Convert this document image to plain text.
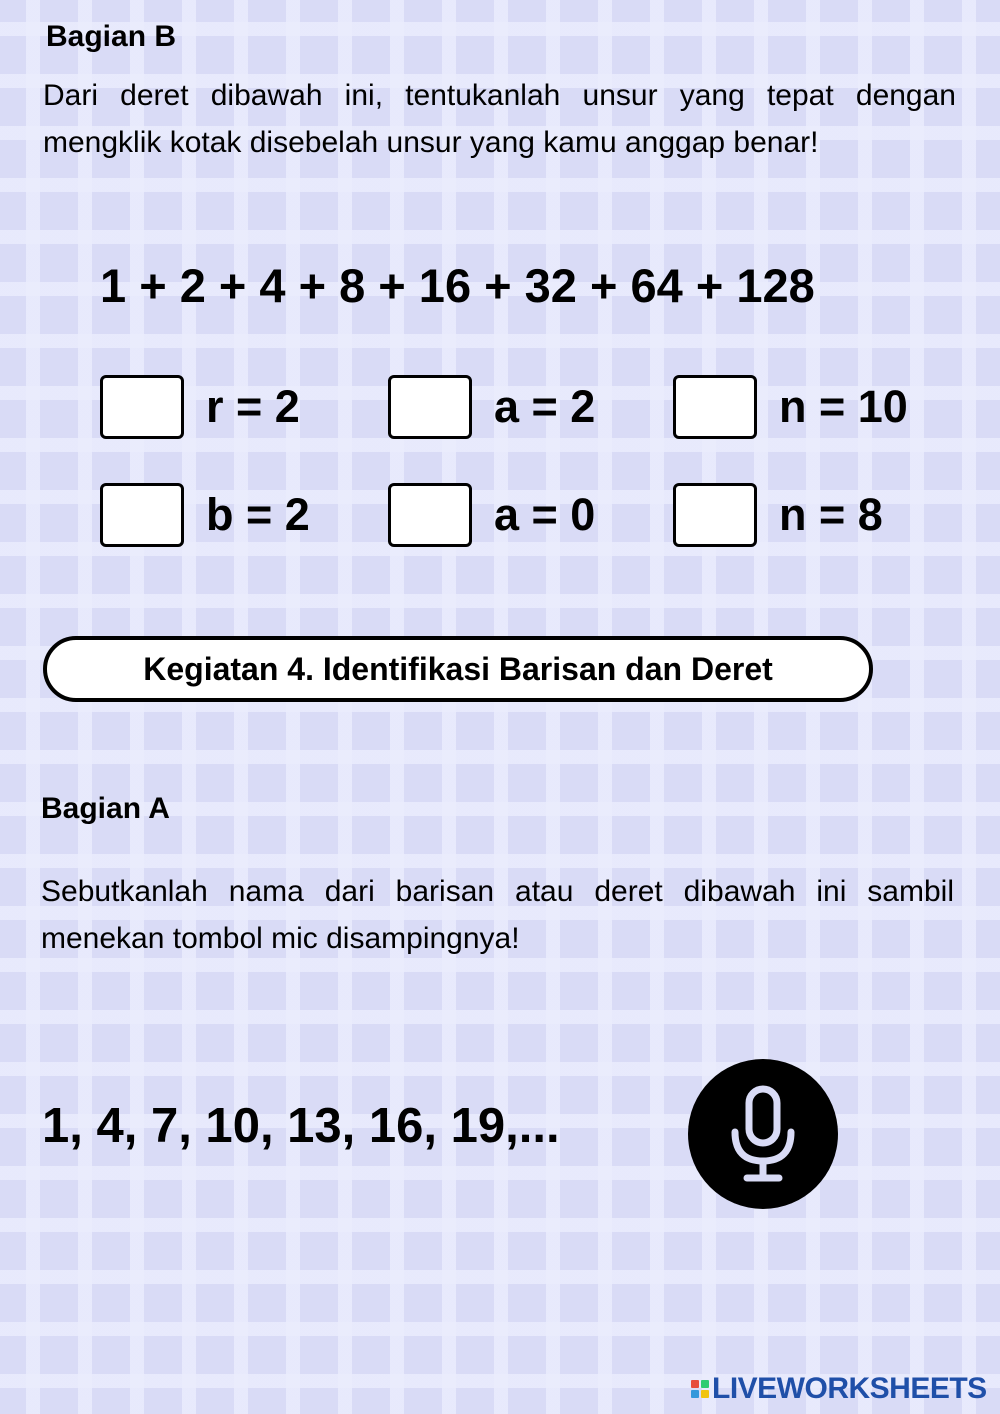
Bagian B

Dari deret dibawah ini, tentukanlah unsur yang tepat dengan mengklik kotak disebelah unsur yang kamu anggap benar!

1 + 2 + 4 + 8 + 16 + 32 + 64 + 128
r = 2	a = 2	n = 10
b = 2	a = 0	n = 8
Kegiatan 4. Identifikasi Barisan dan Deret
Bagian A

Sebutkanlah nama dari barisan atau deret dibawah ini sambil menekan tombol mic disampingnya!

1, 4, 7, 10, 13, 16, 19,...
LIVEWORKSHEETS
